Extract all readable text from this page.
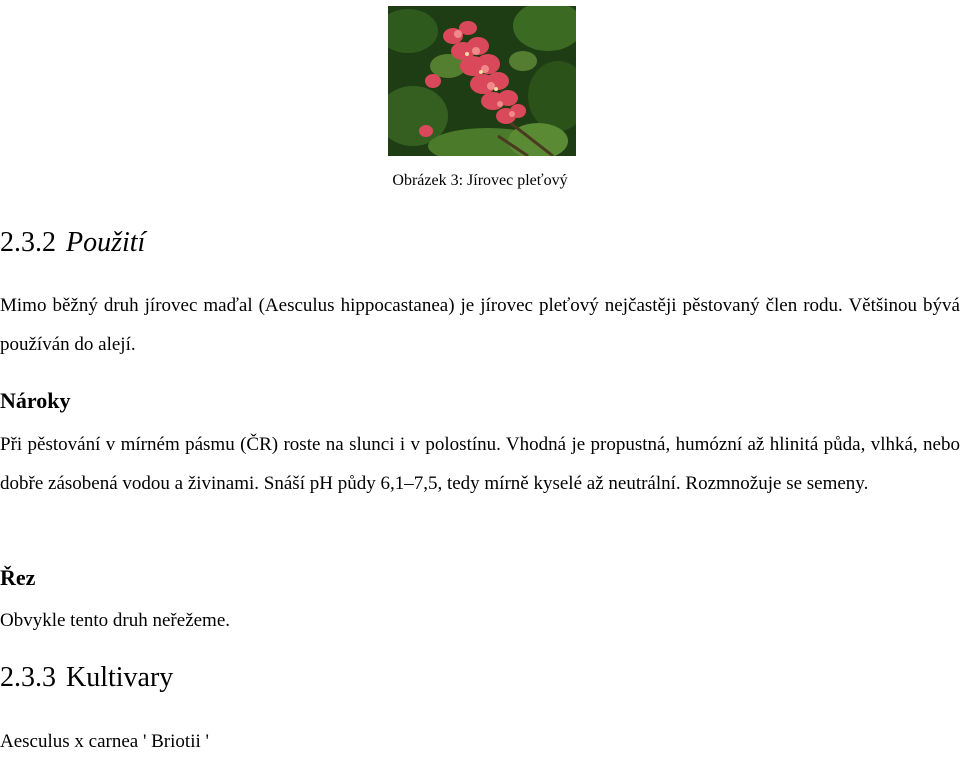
Obrázek 3: Jírovec pleťový
2.3.2 Použití
Mimo běžný druh jírovec maďal (Aesculus hippocastanea) je jírovec pleťový nejčastěji pěstovaný člen rodu. Většinou bývá používán do alejí.
Nároky
Při pěstování v mírném pásmu (ČR) roste na slunci i v polostínu. Vhodná je propustná, humózní až hlinitá půda, vlhká, nebo dobře zásobená vodou a živinami. Snáší pH půdy 6,1–7,5, tedy mírně kyselé až neutrální. Rozmnožuje se semeny.
Řez
Obvykle tento druh neřežeme.
2.3.3 Kultivary
Aesculus x carnea ' Briotii '
